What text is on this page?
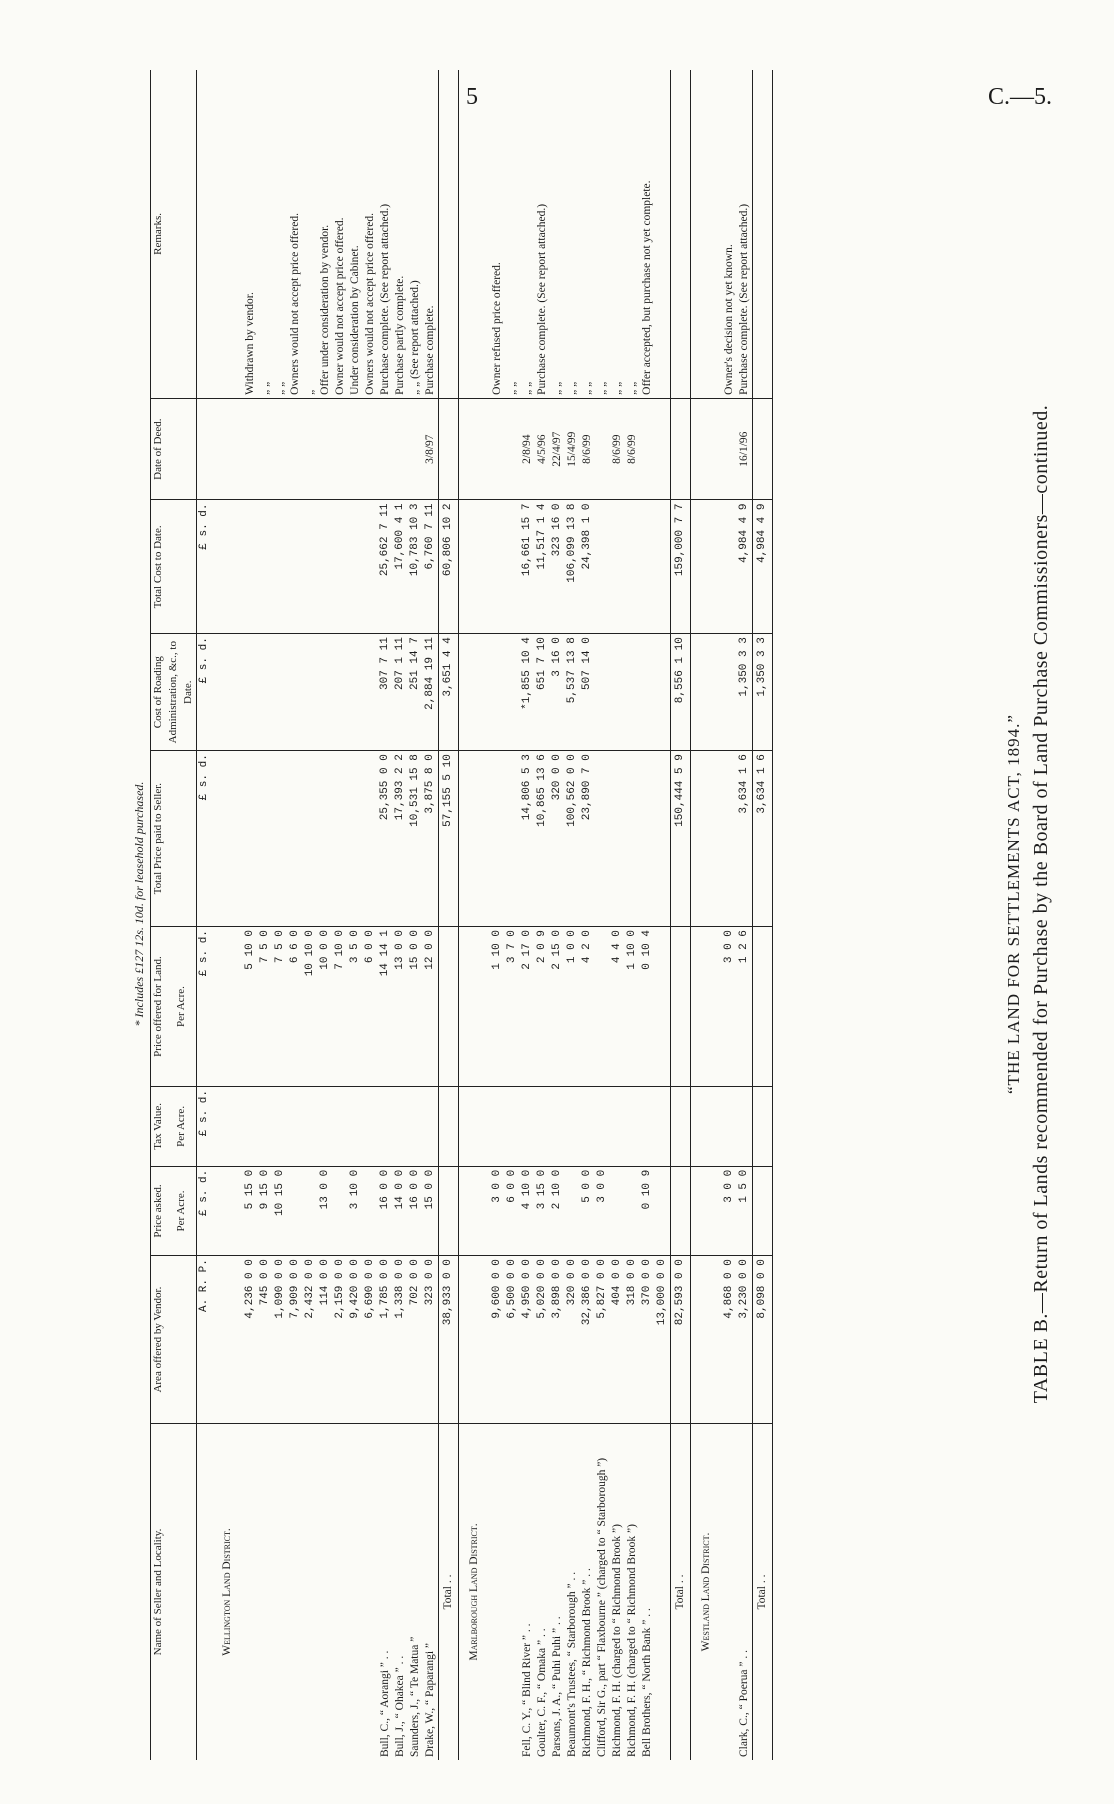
5	C.—5.
“THE LAND FOR SETTLEMENTS ACT, 1894.” TABLE B.—Return of Lands recommended for Purchase by the Board of Land Purchase Commissioners—continued.
Name of Seller and Locality.	Area offered by Vendor.	Price asked.	Tax Value.	Price offered for Land.	Total Price paid to Seller.	Cost of Roading Administration, &c., to Date.	Total Cost to Date.	Date of Deed.	Remarks.
		Per Acre.	Per Acre.	Per Acre.					
	A. R. P.	£ s. d.	£ s. d.	£ s. d.	£ s. d.	£ s. d.	£ s. d.		
Wellington Land District.									
	4,236 0 0	5 15 0		5 10 0					Withdrawn by vendor.
	745 0 0	9 15 0		7 5 0					„ „
	1,090 0 0	10 15 0		7 5 0					„ „
	7,909 0 0			6 6 0					Owners would not accept price offered.
	2,432 0 0			10 10 0					„
	114 0 0	13 0 0		10 0 0					Offer under consideration by vendor.
	2,159 0 0			7 10 0					Owner would not accept price offered.
	9,420 0 0	3 10 0		3 5 0					Under consideration by Cabinet.
	6,690 0 0			6 0 0					Owners would not accept price offered.
Bull, C., “ Aorangi ” . .	1,785 0 0	16 0 0		14 14 1	25,355 0 0	307 7 11	25,662 7 11		Purchase complete. (See report attached.)
Bull, J., “ Ohakea ” . .	1,338 0 0	14 0 0		13 0 0	17,393 2 2	207 1 11	17,600 4 1		Purchase partly complete.
Saunders, J., “ Te Matua ”	702 0 0	16 0 0		15 0 0	10,531 15 8	251 14 7	10,783 10 3		„ „ (See report attached.)
Drake, W., “ Paparangi ”	323 0 0	15 0 0		12 0 0	3,875 8 0	2,884 19 11	6,760 7 11	3/8/97	Purchase complete.
Total . .	38,933 0 0				57,155 5 10	3,651 4 4	60,806 10 2		
Marlborough Land District.									
	9,600 0 0	3 0 0		1 10 0					Owner refused price offered.
	6,500 0 0	6 0 0		3 7 0					„ „
Fell, C. Y., “ Blind River ” . .	4,950 0 0	4 10 0		2 17 0	14,806 5 3	*1,855 10 4	16,661 15 7	2/8/94	„ „
Goulter, C. F., “ Omaka ” . .	5,020 0 0	3 15 0		2 0 9	10,865 13 6	651 7 10	11,517 1 4	4/5/96	Purchase complete. (See report attached.)
Parsons, J. A., “ Puhi Puhi ” . .	3,898 0 0	2 10 0		2 15 0	320 0 0	3 16 0	323 16 0	22/4/97	„ „
Beaumont's Trustees, “ Starborough ” . .	320 0 0			1 0 0	100,562 0 0	5,537 13 8	106,099 13 8	15/4/99	„ „
Richmond, F. H., “ Richmond Brook ” . .	32,386 0 0	5 0 0		4 2 0	23,890 7 0	507 14 0	24,398 1 0	8/6/99	„ „
Clifford, Sir G., part “ Flaxbourne ” (charged to “ Starborough ”)	5,827 0 0	3 0 0							„ „
Richmond, F. H. (charged to “ Richmond Brook ”)	404 0 0			4 4 0				8/6/99	„ „
Richmond, F. H. (charged to “ Richmond Brook ”)	318 0 0			1 10 0				8/6/99	„ „
Bell Brothers, “ North Bank ” . .	370 0 0	0 10 9		0 10 4					Offer accepted, but purchase not yet complete.
	13,000 0 0								
Total . .	82,593 0 0				150,444 5 9	8,556 1 10	159,000 7 7		
Westland Land District.									
	4,868 0 0	3 0 0		3 0 0					Owner's decision not yet known.
Clark, C., “ Poerua ” . .	3,230 0 0	1 5 0		1 2 6	3,634 1 6	1,350 3 3	4,984 4 9	16/1/96	Purchase complete. (See report attached.)
Total . .	8,098 0 0				3,634 1 6	1,350 3 3	4,984 4 9		
* Includes £127 12s. 10d. for leasehold purchased.
